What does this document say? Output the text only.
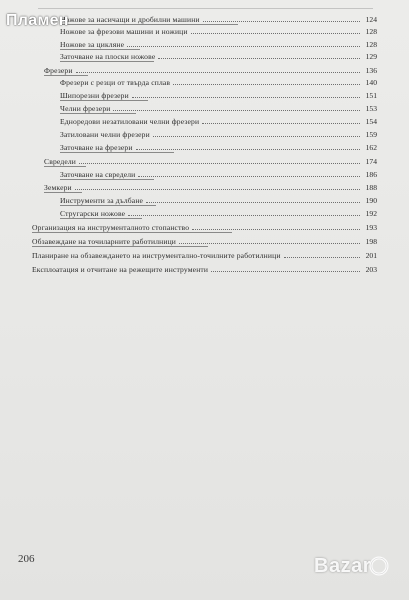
Ножове за насичащи и дробилни машини	124
Ножове за фрезови машини и ножици	128
Ножове за цикляне	128
Заточване на плоски ножове	129
Фрезери	136
Фрезери с резци от твърда сплав	140
Шипорезни фрезери	151
Челни фрезери	153
Едноредови незатиловани челни фрезери	154
Затиловани челни фрезери	159
Заточване на фрезери	162
Свредели	174
Заточване на свредели	186
Земкери	188
Инструменти за дълбане	190
Стругарски ножове	192
Организация на инструменталното стопанство	193
Обзавеждане на точиларните работилници	198
Планиране на обзавеждането на инструментално-точилните работилници	201
Експлоатация и отчитане на режещите инструменти	203
206
Пламен
Bazar
